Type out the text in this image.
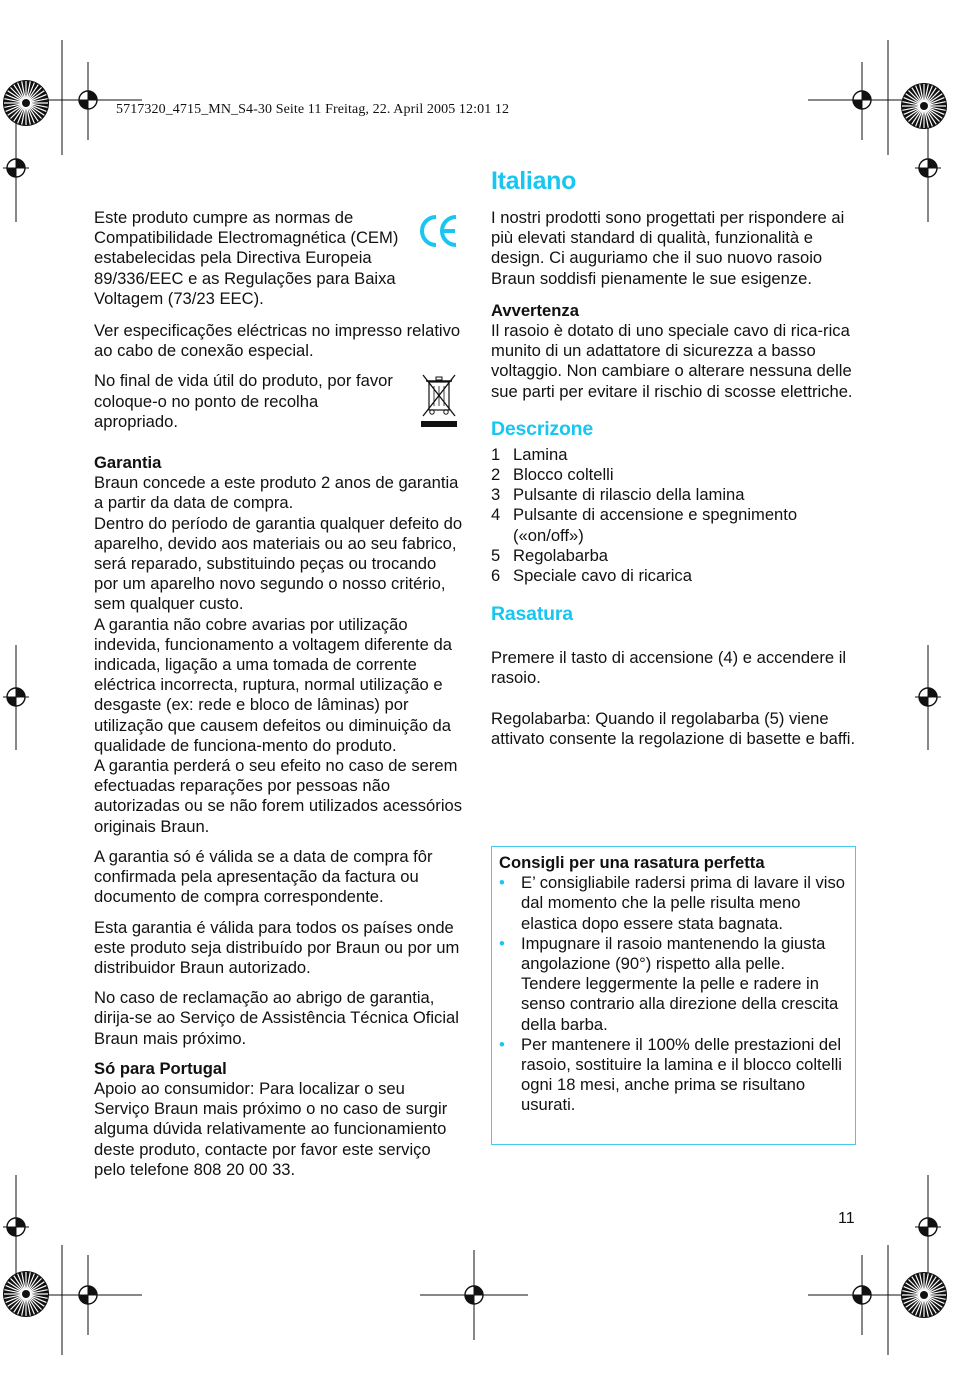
5717320_4715_MN_S4-30 Seite 11 Freitag, 22. April 2005 12:01 12

Este produto cumpre as normas de Compatibilidade Electromagnética (CEM) estabelecidas pela Directiva Europeia 89/336/EEC e as Regulações para Baixa Voltagem (73/23 EEC).

Ver especificações eléctricas no impresso relativo ao cabo de conexão especial.

No final de vida útil do produto, por favor coloque-o no ponto de recolha apropriado.

Garantia

Braun concede a este produto 2 anos de garantia a partir da data de compra.

Dentro do período de garantia qualquer defeito do aparelho, devido aos materiais ou ao seu fabrico, será reparado, substituindo peças ou trocando por um aparelho novo segundo o nosso critério, sem qualquer custo.

A garantia não cobre avarias por utilização indevida, funcionamento a voltagem diferente da indicada, ligação a uma tomada de corrente eléctrica incorrecta, ruptura, normal utilização e desgaste (ex: rede e bloco de lâminas) por utilização que causem defeitos ou diminuição da qualidade de funciona-mento do produto.

A garantia perderá o seu efeito no caso de serem efectuadas reparações por pessoas não autorizadas ou se não forem utilizados acessórios originais Braun.

A garantia só é válida se a data de compra fôr confirmada pela apresentação da factura ou documento de compra correspondente.

Esta garantia é válida para todos os países onde este produto seja distribuído por Braun ou por um distribuidor Braun autorizado.

No caso de reclamação ao abrigo de garantia, dirija-se ao Serviço de Assistência Técnica Oficial Braun mais próximo.

Só para Portugal

Apoio ao consumidor: Para localizar o seu Serviço Braun mais próximo o no caso de surgir alguma dúvida relativamente ao funcionamiento deste produto, contacte por favor este serviço pelo telefone 808 20 00 33.

Italiano

I nostri prodotti sono progettati per rispondere ai più elevati standard di qualità, funzionalità e design. Ci auguriamo che il suo nuovo rasoio Braun soddisfi pienamente le sue esigenze.

Avvertenza

Il rasoio è dotato di uno speciale cavo di rica-rica munito di un adattatore di sicurezza a basso voltaggio. Non cambiare o alterare nessuna delle sue parti per evitare il rischio di scosse elettriche.

Descrizone
1 Lamina
2 Blocco coltelli
3 Pulsante di rilascio della lamina
4 Pulsante di accensione e spegnimento («on/off»)
5 Regolabarba
6 Speciale cavo di ricarica
Rasatura

Premere il tasto di accensione (4) e accendere il rasoio.

Regolabarba: Quando il regolabarba (5) viene attivato consente la regolazione di basette e baffi.

Consigli per una rasatura perfetta

• E’ consigliabile radersi prima di lavare il viso dal momento che la pelle risulta meno elastica dopo essere stata bagnata.
• Impugnare il rasoio mantenendo la giusta angolazione (90°) rispetto alla pelle. Tendere leggermente la pelle e radere in senso contrario alla direzione della crescita della barba.
• Per mantenere il 100% delle prestazioni del rasoio, sostituire la lamina e il blocco coltelli ogni 18 mesi, anche prima se risultano usurati.
11
